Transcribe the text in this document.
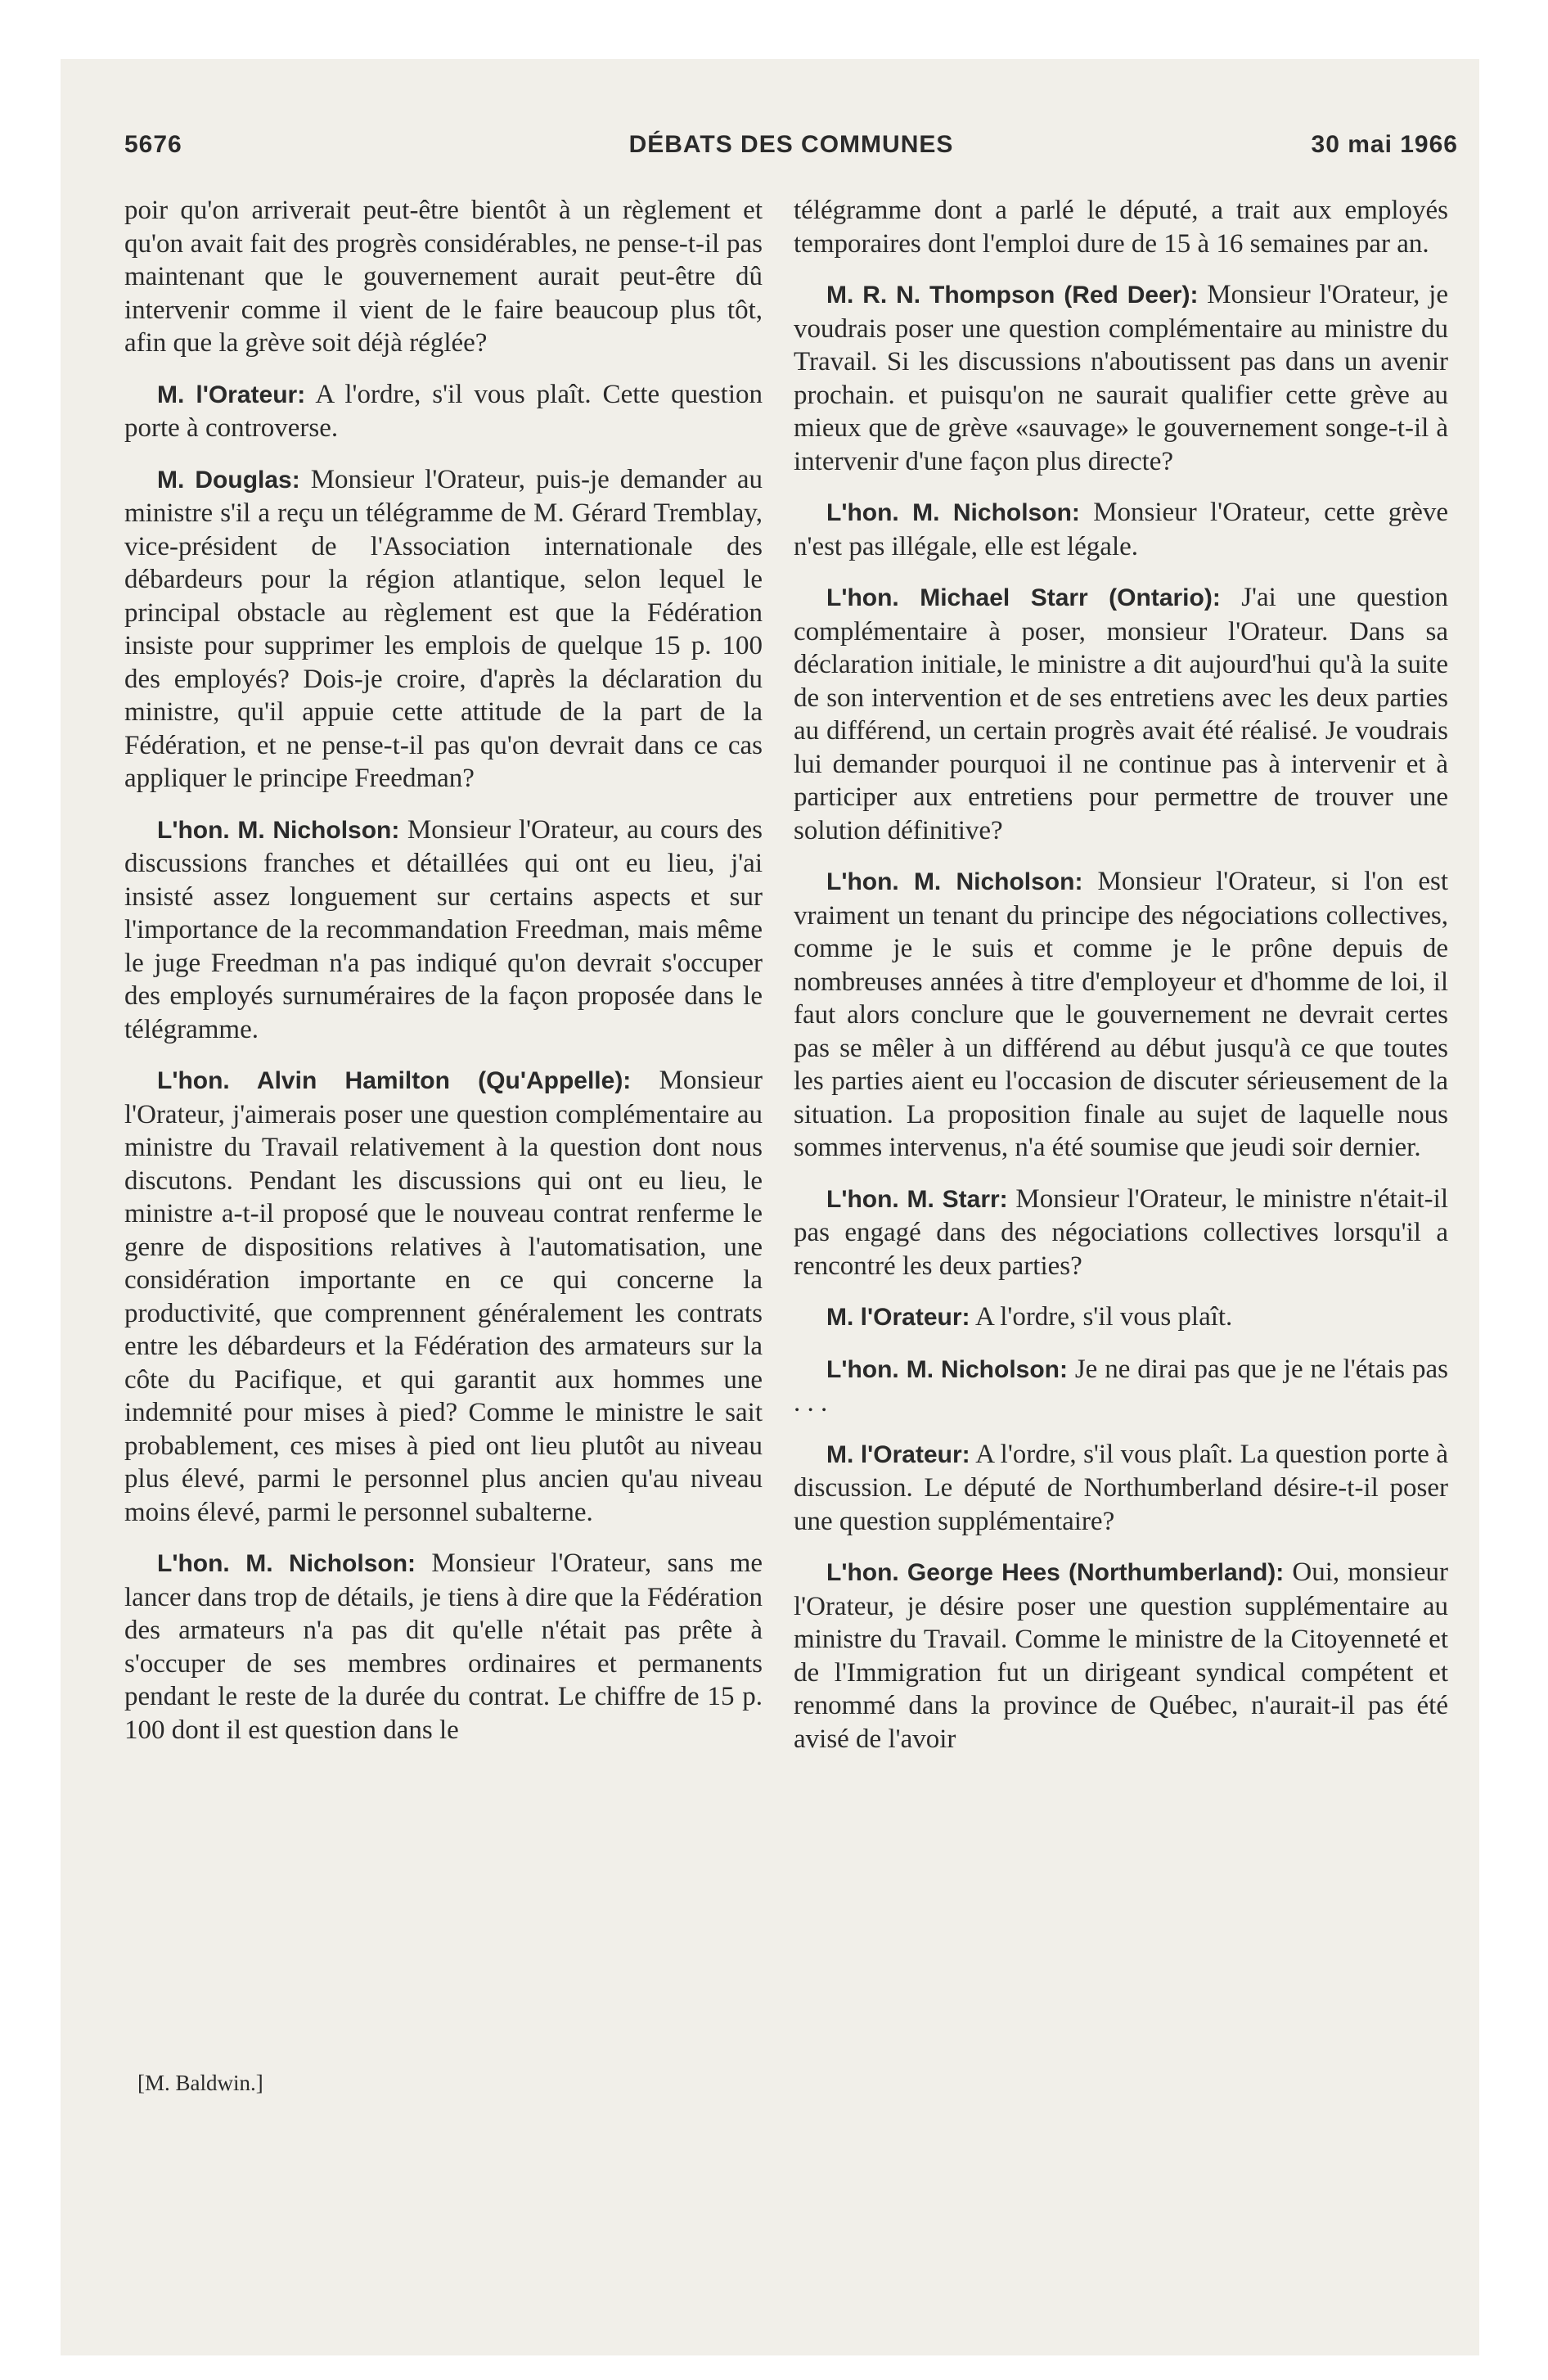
5676	DÉBATS DES COMMUNES	30 mai 1966

poir qu'on arriverait peut-être bientôt à un règlement et qu'on avait fait des progrès considérables, ne pense-t-il pas maintenant que le gouvernement aurait peut-être dû intervenir comme il vient de le faire beaucoup plus tôt, afin que la grève soit déjà réglée?

M. l'Orateur: A l'ordre, s'il vous plaît. Cette question porte à controverse.

M. Douglas: Monsieur l'Orateur, puis-je demander au ministre s'il a reçu un télégramme de M. Gérard Tremblay, vice-président de l'Association internationale des débardeurs pour la région atlantique, selon lequel le principal obstacle au règlement est que la Fédération insiste pour supprimer les emplois de quelque 15 p. 100 des employés? Dois-je croire, d'après la déclaration du ministre, qu'il appuie cette attitude de la part de la Fédération, et ne pense-t-il pas qu'on devrait dans ce cas appliquer le principe Freedman?

L'hon. M. Nicholson: Monsieur l'Orateur, au cours des discussions franches et détaillées qui ont eu lieu, j'ai insisté assez longuement sur certains aspects et sur l'importance de la recommandation Freedman, mais même le juge Freedman n'a pas indiqué qu'on devrait s'occuper des employés surnuméraires de la façon proposée dans le télégramme.

L'hon. Alvin Hamilton (Qu'Appelle): Monsieur l'Orateur, j'aimerais poser une question complémentaire au ministre du Travail relativement à la question dont nous discutons. Pendant les discussions qui ont eu lieu, le ministre a-t-il proposé que le nouveau contrat renferme le genre de dispositions relatives à l'automatisation, une considération importante en ce qui concerne la productivité, que comprennent généralement les contrats entre les débardeurs et la Fédération des armateurs sur la côte du Pacifique, et qui garantit aux hommes une indemnité pour mises à pied? Comme le ministre le sait probablement, ces mises à pied ont lieu plutôt au niveau plus élevé, parmi le personnel plus ancien qu'au niveau moins élevé, parmi le personnel subalterne.

L'hon. M. Nicholson: Monsieur l'Orateur, sans me lancer dans trop de détails, je tiens à dire que la Fédération des armateurs n'a pas dit qu'elle n'était pas prête à s'occuper de ses membres ordinaires et permanents pendant le reste de la durée du contrat. Le chiffre de 15 p. 100 dont il est question dans le

[M. Baldwin.]

télégramme dont a parlé le député, a trait aux employés temporaires dont l'emploi dure de 15 à 16 semaines par an.

M. R. N. Thompson (Red Deer): Monsieur l'Orateur, je voudrais poser une question complémentaire au ministre du Travail. Si les discussions n'aboutissent pas dans un avenir prochain. et puisqu'on ne saurait qualifier cette grève au mieux que de grève «sauvage» le gouvernement songe-t-il à intervenir d'une façon plus directe?

L'hon. M. Nicholson: Monsieur l'Orateur, cette grève n'est pas illégale, elle est légale.

L'hon. Michael Starr (Ontario): J'ai une question complémentaire à poser, monsieur l'Orateur. Dans sa déclaration initiale, le ministre a dit aujourd'hui qu'à la suite de son intervention et de ses entretiens avec les deux parties au différend, un certain progrès avait été réalisé. Je voudrais lui demander pourquoi il ne continue pas à intervenir et à participer aux entretiens pour permettre de trouver une solution définitive?

L'hon. M. Nicholson: Monsieur l'Orateur, si l'on est vraiment un tenant du principe des négociations collectives, comme je le suis et comme je le prône depuis de nombreuses années à titre d'employeur et d'homme de loi, il faut alors conclure que le gouvernement ne devrait certes pas se mêler à un différend au début jusqu'à ce que toutes les parties aient eu l'occasion de discuter sérieusement de la situation. La proposition finale au sujet de laquelle nous sommes intervenus, n'a été soumise que jeudi soir dernier.

L'hon. M. Starr: Monsieur l'Orateur, le ministre n'était-il pas engagé dans des négociations collectives lorsqu'il a rencontré les deux parties?

M. l'Orateur: A l'ordre, s'il vous plaît.

L'hon. M. Nicholson: Je ne dirai pas que je ne l'étais pas . . .

M. l'Orateur: A l'ordre, s'il vous plaît. La question porte à discussion. Le député de Northumberland désire-t-il poser une question supplémentaire?

L'hon. George Hees (Northumberland): Oui, monsieur l'Orateur, je désire poser une question supplémentaire au ministre du Travail. Comme le ministre de la Citoyenneté et de l'Immigration fut un dirigeant syndical compétent et renommé dans la province de Québec, n'aurait-il pas été avisé de l'avoir
